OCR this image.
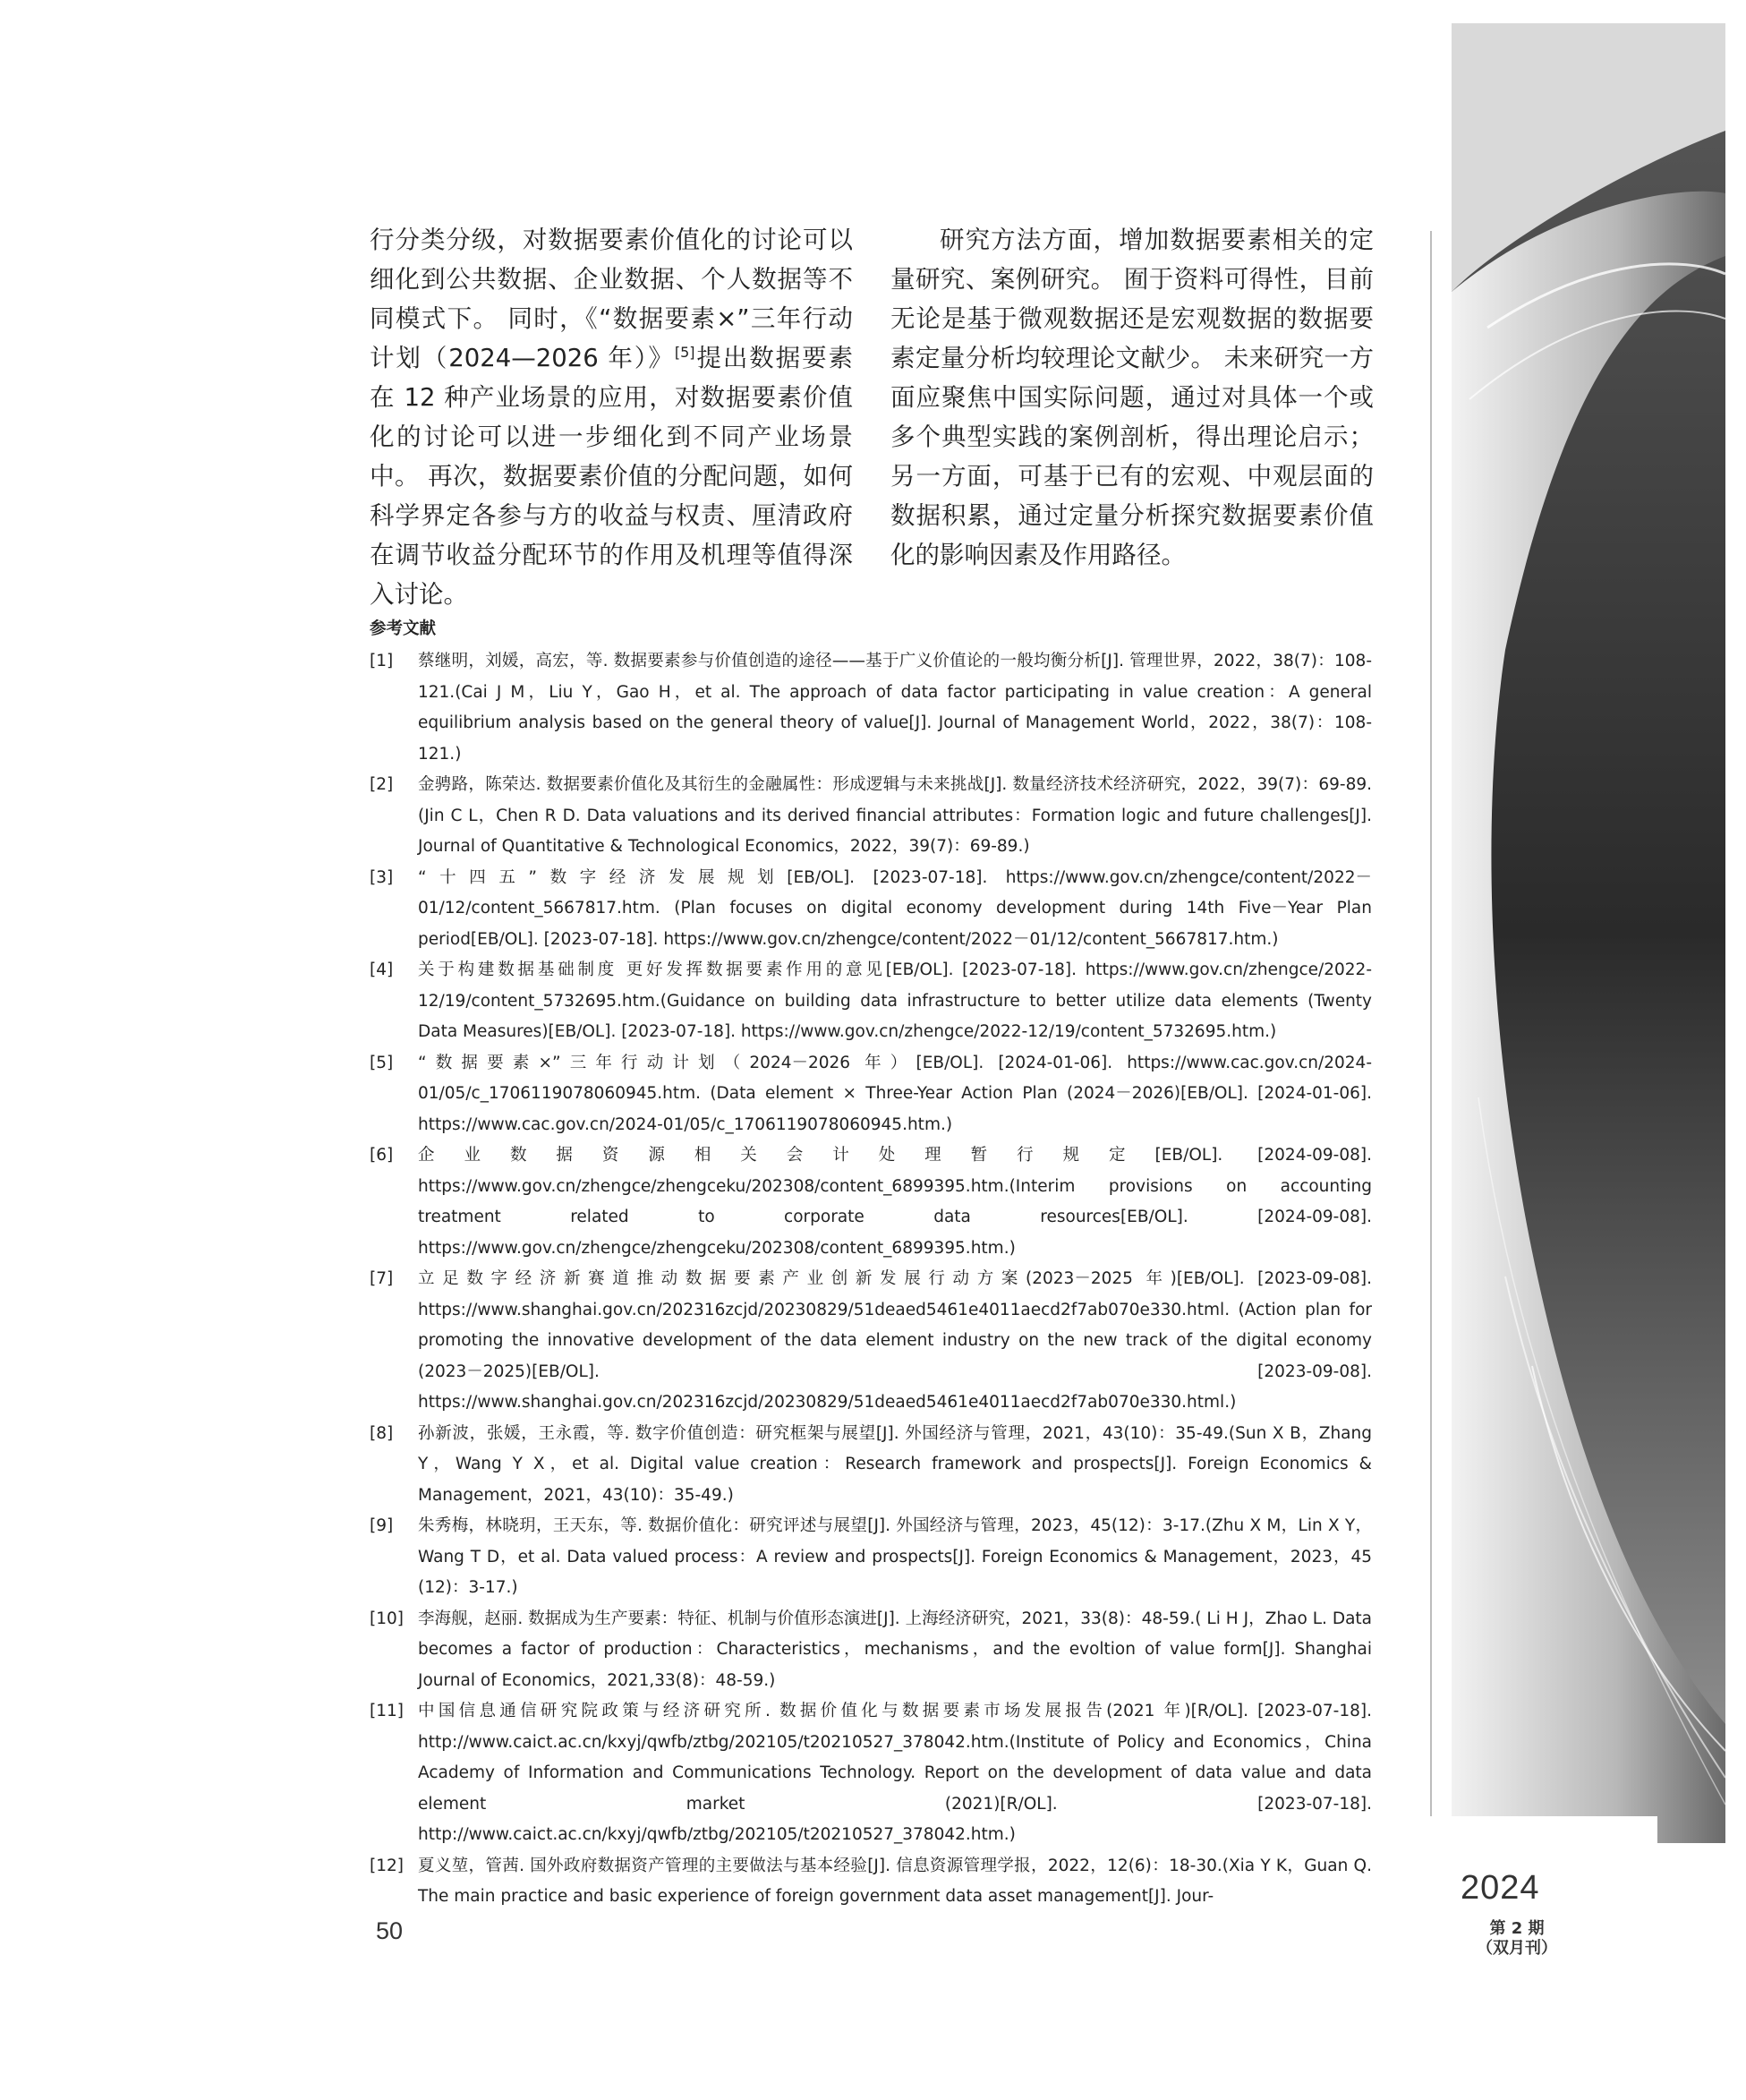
2024
第 2 期
（双月刊）

行分类分级，对数据要素价值化的讨论可以细化到公共数据、企业数据、个人数据等不同模式下。 同时，《“数据要素×”三年行动计划（2024—2026 年）》[5]提出数据要素在 12 种产业场景的应用，对数据要素价值化的讨论可以进一步细化到不同产业场景中。 再次，数据要素价值的分配问题，如何科学界定各参与方的收益与权责、厘清政府在调节收益分配环节的作用及机理等值得深入讨论。

研究方法方面，增加数据要素相关的定量研究、案例研究。 囿于资料可得性，目前无论是基于微观数据还是宏观数据的数据要素定量分析均较理论文献少。 未来研究一方面应聚焦中国实际问题，通过对具体一个或多个典型实践的案例剖析，得出理论启示；另一方面，可基于已有的宏观、中观层面的数据积累，通过定量分析探究数据要素价值化的影响因素及作用路径。

参考文献
[1] 蔡继明，刘媛，高宏，等. 数据要素参与价值创造的途径——基于广义价值论的一般均衡分析[J]. 管理世界，2022，38(7)：108-121.(Cai J M，Liu Y，Gao H，et al. The approach of data factor participating in value creation：A general equilibrium analysis based on the general theory of value[J]. Journal of Management World，2022，38(7)：108-121.)
[2] 金骋路，陈荣达. 数据要素价值化及其衍生的金融属性：形成逻辑与未来挑战[J]. 数量经济技术经济研究，2022，39(7)：69-89.(Jin C L，Chen R D. Data valuations and its derived financial attributes：Formation logic and future challenges[J]. Journal of Quantitative & Technological Economics，2022，39(7)：69-89.)
[3] “十四五”数字经济发展规划[EB/OL]. [2023-07-18]. https://www.gov.cn/zhengce/content/2022－01/12/content_5667817.htm. (Plan focuses on digital economy development during 14th Five－Year Plan period[EB/OL]. [2023-07-18]. https://www.gov.cn/zhengce/content/2022－01/12/content_5667817.htm.)
[4] 关于构建数据基础制度 更好发挥数据要素作用的意见[EB/OL]. [2023-07-18]. https://www.gov.cn/zhengce/2022-12/19/content_5732695.htm.(Guidance on building data infrastructure to better utilize data elements (Twenty Data Measures)[EB/OL]. [2023-07-18]. https://www.gov.cn/zhengce/2022-12/19/content_5732695.htm.)
[5] “数据要素×”三年行动计划（2024－2026 年）[EB/OL]. [2024-01-06]. https://www.cac.gov.cn/2024-01/05/c_1706119078060945.htm. (Data element × Three-Year Action Plan (2024－2026)[EB/OL]. [2024-01-06]. https://www.cac.gov.cn/2024-01/05/c_1706119078060945.htm.)
[6] 企业数据资源相关会计处理暂行规定[EB/OL]. [2024-09-08]. https://www.gov.cn/zhengce/zhengceku/202308/content_6899395.htm.(Interim provisions on accounting treatment related to corporate data resources[EB/OL]. [2024-09-08]. https://www.gov.cn/zhengce/zhengceku/202308/content_6899395.htm.)
[7] 立足数字经济新赛道推动数据要素产业创新发展行动方案(2023－2025 年)[EB/OL]. [2023-09-08]. https://www.shanghai.gov.cn/202316zcjd/20230829/51deaed5461e4011aecd2f7ab070e330.html. (Action plan for promoting the innovative development of the data element industry on the new track of the digital economy (2023－2025)[EB/OL]. [2023-09-08]. https://www.shanghai.gov.cn/202316zcjd/20230829/51deaed5461e4011aecd2f7ab070e330.html.)
[8] 孙新波，张媛，王永霞，等. 数字价值创造：研究框架与展望[J]. 外国经济与管理，2021，43(10)：35-49.(Sun X B，Zhang Y，Wang Y X，et al. Digital value creation：Research framework and prospects[J]. Foreign Economics & Management，2021，43(10)：35-49.)
[9] 朱秀梅，林晓玥，王天东，等. 数据价值化：研究评述与展望[J]. 外国经济与管理，2023，45(12)：3-17.(Zhu X M，Lin X Y，Wang T D，et al. Data valued process：A review and prospects[J]. Foreign Economics & Management，2023，45 (12)：3-17.)
[10] 李海舰，赵丽. 数据成为生产要素：特征、机制与价值形态演进[J]. 上海经济研究，2021，33(8)：48-59.( Li H J，Zhao L. Data becomes a factor of production：Characteristics，mechanisms，and the evoltion of value form[J]. Shanghai Journal of Economics，2021,33(8)：48-59.)
[11] 中国信息通信研究院政策与经济研究所. 数据价值化与数据要素市场发展报告(2021 年)[R/OL]. [2023-07-18]. http://www.caict.ac.cn/kxyj/qwfb/ztbg/202105/t20210527_378042.htm.(Institute of Policy and Economics，China Academy of Information and Communications Technology. Report on the development of data value and data element market (2021)[R/OL]. [2023-07-18]. http://www.caict.ac.cn/kxyj/qwfb/ztbg/202105/t20210527_378042.htm.)
[12] 夏义堃，管茜. 国外政府数据资产管理的主要做法与基本经验[J]. 信息资源管理学报，2022，12(6)：18-30.(Xia Y K，Guan Q. The main practice and basic experience of foreign government data asset management[J]. Jour-
50
